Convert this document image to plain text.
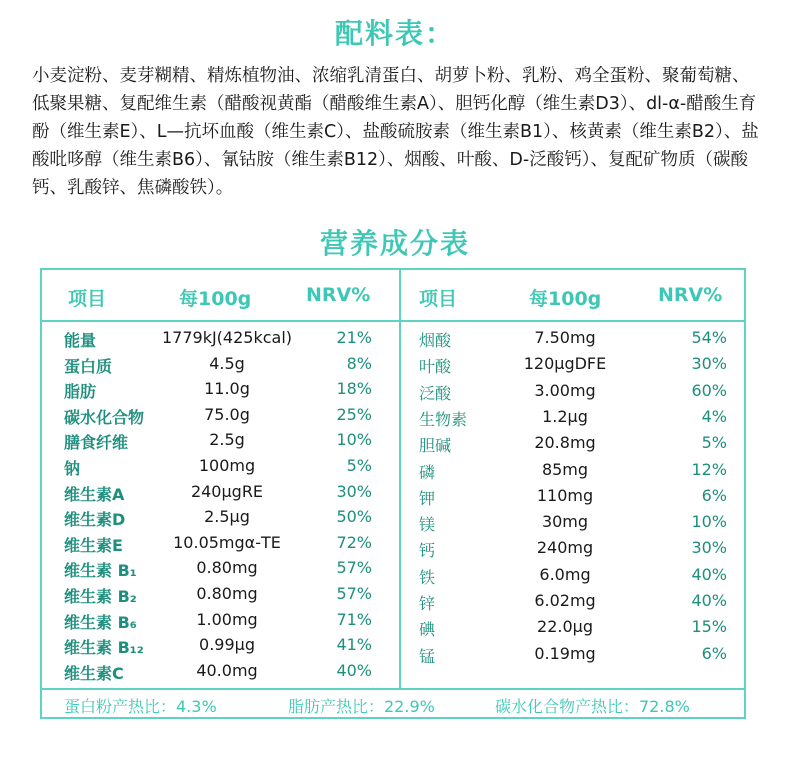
配料表：
小麦淀粉、麦芽糊精、精炼植物油、浓缩乳清蛋白、胡萝卜粉、乳粉、鸡全蛋粉、聚葡萄糖、低聚果糖、复配维生素（醋酸视黄酯（醋酸维生素A）、胆钙化醇（维生素D3）、dl-α-醋酸生育酚（维生素E）、L—抗坏血酸（维生素C）、盐酸硫胺素（维生素B1）、核黄素（维生素B2）、盐酸吡哆醇（维生素B6）、氰钴胺（维生素B12）、烟酸、叶酸、D-泛酸钙）、复配矿物质（碳酸钙、乳酸锌、焦磷酸铁）。
营养成分表
项目	每100g	NRV%	项目	每100g	NRV%
能量	1779kJ(425kcal)	21%
蛋白质	4.5g	8%
脂肪	11.0g	18%
碳水化合物	75.0g	25%
膳食纤维	2.5g	10%
钠	100mg	5%
维生素A	240μgRE	30%
维生素D	2.5μg	50%
维生素E	10.05mgα-TE	72%
维生素 B₁	0.80mg	57%
维生素 B₂	0.80mg	57%
维生素 B₆	1.00mg	71%
维生素 B₁₂	0.99μg	41%
维生素C	40.0mg	40%
烟酸	7.50mg	54%
叶酸	120μgDFE	30%
泛酸	3.00mg	60%
生物素	1.2μg	4%
胆碱	20.8mg	5%
磷	85mg	12%
钾	110mg	6%
镁	30mg	10%
钙	240mg	30%
铁	6.0mg	40%
锌	6.02mg	40%
碘	22.0μg	15%
锰	0.19mg	6%
蛋白粉产热比：4.3%	脂肪产热比：22.9%	碳水化合物产热比：72.8%
